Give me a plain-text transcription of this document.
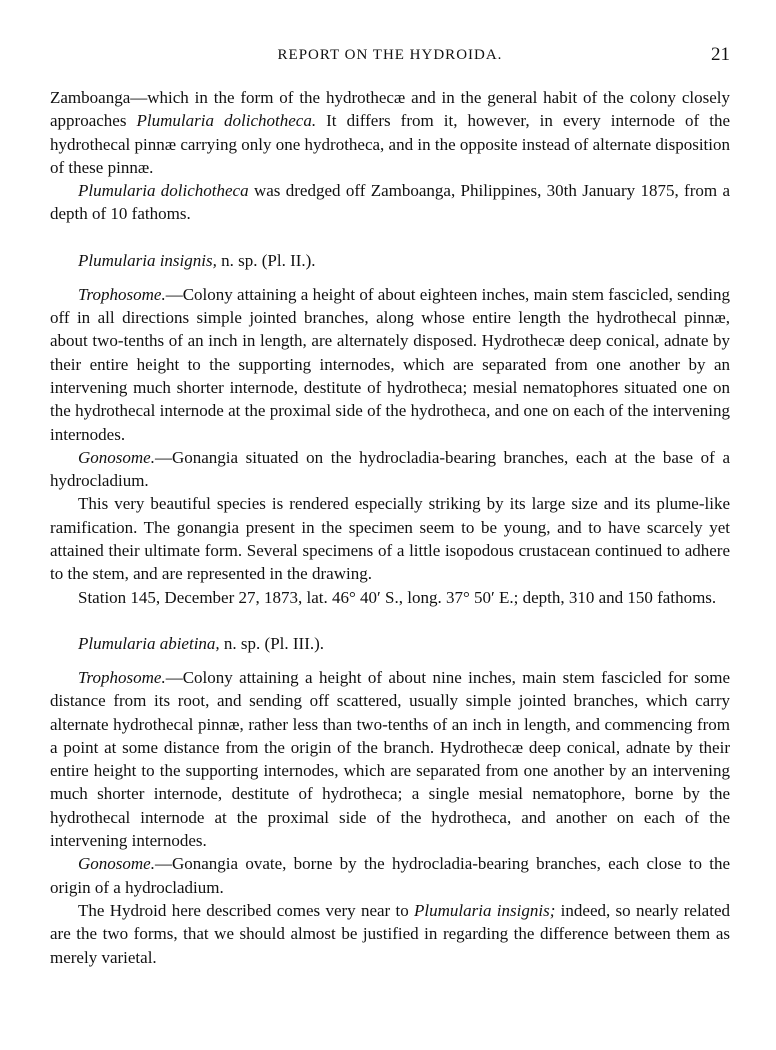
REPORT ON THE HYDROIDA.	21

Zamboanga—which in the form of the hydrothecæ and in the general habit of the colony closely approaches Plumularia dolichotheca. It differs from it, however, in every internode of the hydrothecal pinnæ carrying only one hydrotheca, and in the opposite instead of alternate disposition of these pinnæ.

Plumularia dolichotheca was dredged off Zamboanga, Philippines, 30th January 1875, from a depth of 10 fathoms.

Plumularia insignis, n. sp. (Pl. II.).

Trophosome.—Colony attaining a height of about eighteen inches, main stem fascicled, sending off in all directions simple jointed branches, along whose entire length the hydrothecal pinnæ, about two-tenths of an inch in length, are alternately disposed. Hydrothecæ deep conical, adnate by their entire height to the supporting internodes, which are separated from one another by an intervening much shorter internode, destitute of hydrotheca; mesial nematophores situated one on the hydrothecal internode at the proximal side of the hydrotheca, and one on each of the intervening internodes.

Gonosome.—Gonangia situated on the hydrocladia-bearing branches, each at the base of a hydrocladium.

This very beautiful species is rendered especially striking by its large size and its plume-like ramification. The gonangia present in the specimen seem to be young, and to have scarcely yet attained their ultimate form. Several specimens of a little isopodous crustacean continued to adhere to the stem, and are represented in the drawing.

Station 145, December 27, 1873, lat. 46° 40′ S., long. 37° 50′ E.; depth, 310 and 150 fathoms.

Plumularia abietina, n. sp. (Pl. III.).

Trophosome.—Colony attaining a height of about nine inches, main stem fascicled for some distance from its root, and sending off scattered, usually simple jointed branches, which carry alternate hydrothecal pinnæ, rather less than two-tenths of an inch in length, and commencing from a point at some distance from the origin of the branch. Hydrothecæ deep conical, adnate by their entire height to the supporting internodes, which are separated from one another by an intervening much shorter internode, destitute of hydrotheca; a single mesial nematophore, borne by the hydrothecal internode at the proximal side of the hydrotheca, and another on each of the intervening internodes.

Gonosome.—Gonangia ovate, borne by the hydrocladia-bearing branches, each close to the origin of a hydrocladium.

The Hydroid here described comes very near to Plumularia insignis; indeed, so nearly related are the two forms, that we should almost be justified in regarding the difference between them as merely varietal.
